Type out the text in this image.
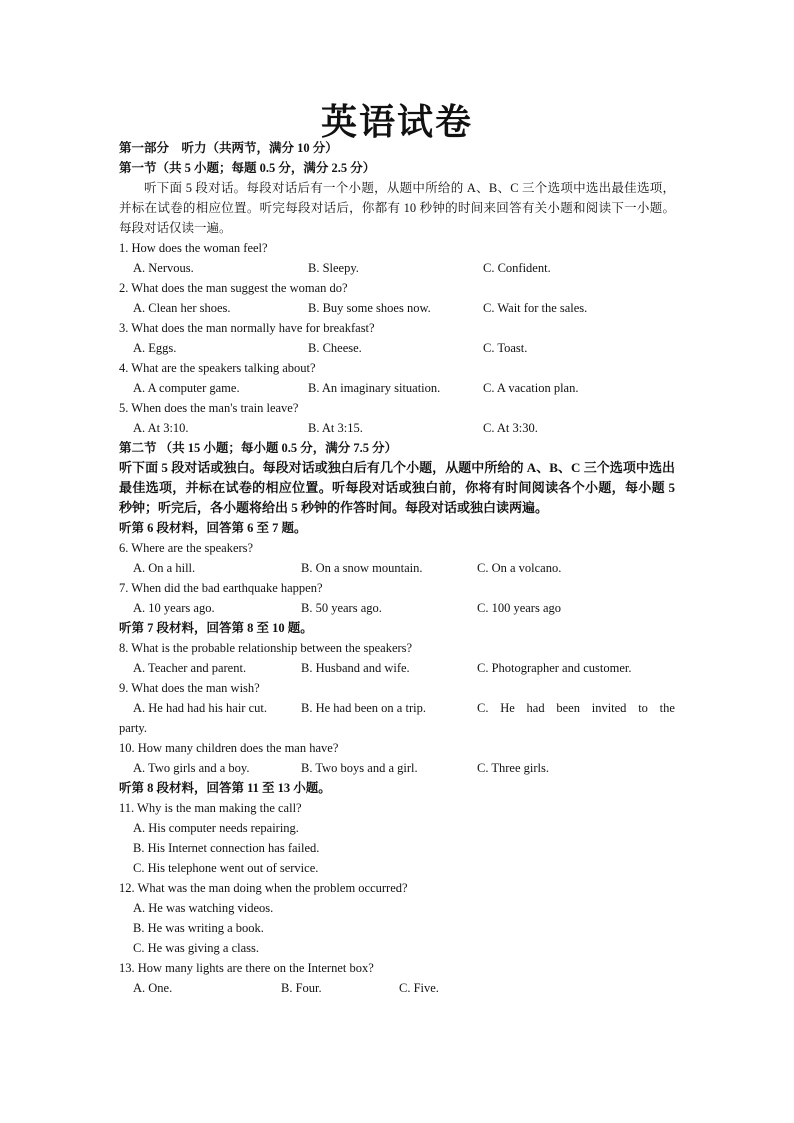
英语试卷
第一部分　听力（共两节，满分 10 分）
第一节（共 5 小题；每题 0.5 分，满分 2.5 分）
听下面 5 段对话。每段对话后有一个小题，从题中所给的 A、B、C 三个选项中选出最佳选项，并标在试卷的相应位置。听完每段对话后，你都有 10 秒钟的时间来回答有关小题和阅读下一小题。每段对话仅读一遍。
1. How does the woman feel?
A. Nervous.	B. Sleepy.	C. Confident.
2. What does the man suggest the woman do?
A. Clean her shoes.	B. Buy some shoes now.	C. Wait for the sales.
3. What does the man normally have for breakfast?
A. Eggs.	B. Cheese.	C. Toast.
4. What are the speakers talking about?
A. A computer game.	B. An imaginary situation.	C. A vacation plan.
5. When does the man's train leave?
A. At 3:10.	B. At 3:15.	C. At 3:30.
第二节 （共 15 小题；每小题 0.5 分，满分 7.5 分）
听下面 5 段对话或独白。每段对话或独白后有几个小题，从题中所给的 A、B、C 三个选项中选出最佳选项，并标在试卷的相应位置。听每段对话或独白前，你将有时间阅读各个小题，每小题 5 秒钟；听完后，各小题将给出 5 秒钟的作答时间。每段对话或独白读两遍。
听第 6 段材料，回答第 6 至 7 题。
6. Where are the speakers?
A. On a hill.	B. On a snow mountain.	C. On a volcano.
7. When did the bad earthquake happen?
A. 10 years ago.	B. 50 years ago.	C. 100 years ago
听第 7 段材料，回答第 8 至 10 题。
8. What is the probable relationship between the speakers?
A. Teacher and parent.	B. Husband and wife.	C. Photographer and customer.
9. What does the man wish?
A. He had had his hair cut.	B. He had been on a trip.	C. He had been invited to the
party.
10. How many children does the man have?
A. Two girls and a boy.	B. Two boys and a girl.	C. Three girls.
听第 8 段材料，回答第 11 至 13 小题。
11. Why is the man making the call?
A. His computer needs repairing.
B. His Internet connection has failed.
C. His telephone went out of service.
12. What was the man doing when the problem occurred?
A. He was watching videos.
B. He was writing a book.
C. He was giving a class.
13. How many lights are there on the Internet box?
A. One.	B. Four.	C. Five.
